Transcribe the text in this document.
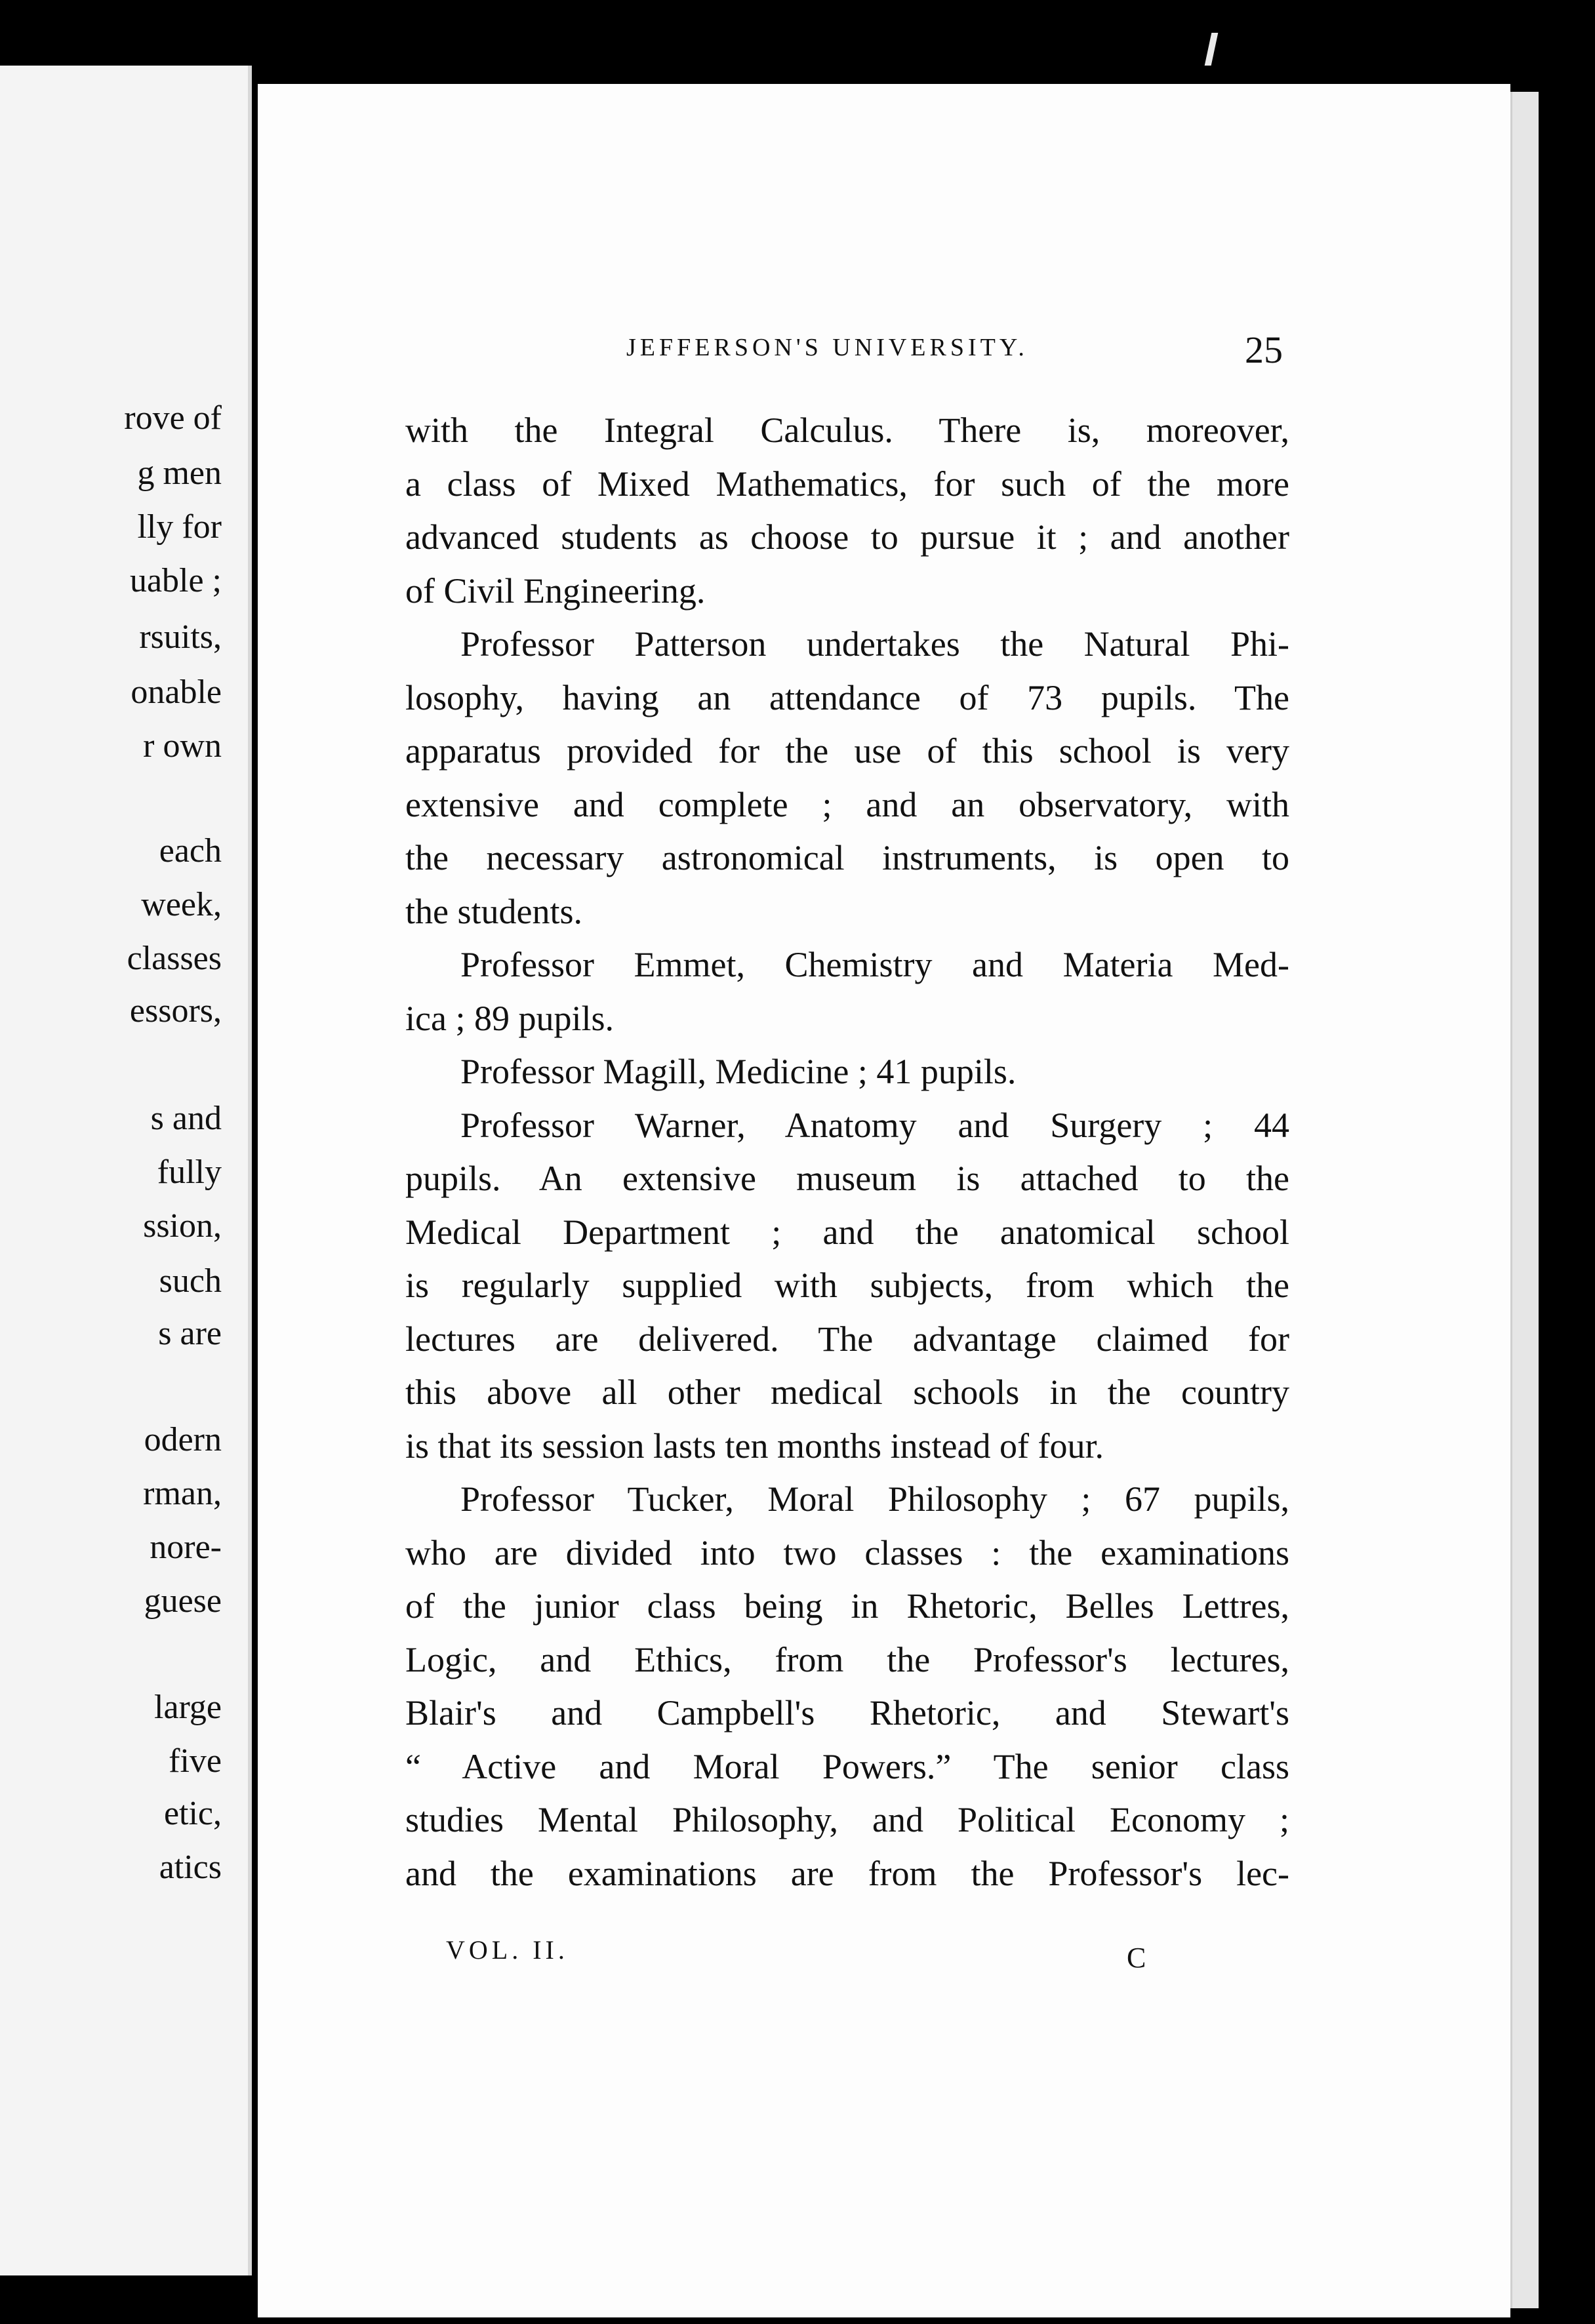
rove of
g men
lly for
uable ;
rsuits,
onable
r own
each
week,
classes
essors,
s and
fully
ssion,
such
s are
odern
rman,
nore-
guese
large
five
etic,
atics
JEFFERSON'S UNIVERSITY.	25
with the Integral Calculus. There is, moreover,
a class of Mixed Mathematics, for such of the more
advanced students as choose to pursue it ; and another
of Civil Engineering.
Professor Patterson undertakes the Natural Phi-
losophy, having an attendance of 73 pupils. The
apparatus provided for the use of this school is very
extensive and complete ; and an observatory, with
the necessary astronomical instruments, is open to
the students.
Professor Emmet, Chemistry and Materia Med-
ica ; 89 pupils.
Professor Magill, Medicine ; 41 pupils.
Professor Warner, Anatomy and Surgery ; 44
pupils. An extensive museum is attached to the
Medical Department ; and the anatomical school
is regularly supplied with subjects, from which the
lectures are delivered. The advantage claimed for
this above all other medical schools in the country
is that its session lasts ten months instead of four.
Professor Tucker, Moral Philosophy ; 67 pupils,
who are divided into two classes : the examinations
of the junior class being in Rhetoric, Belles Lettres,
Logic, and Ethics, from the Professor's lectures,
Blair's and Campbell's Rhetoric, and Stewart's
“ Active and Moral Powers.” The senior class
studies Mental Philosophy, and Political Economy ;
and the examinations are from the Professor's lec-
VOL. II.	C
